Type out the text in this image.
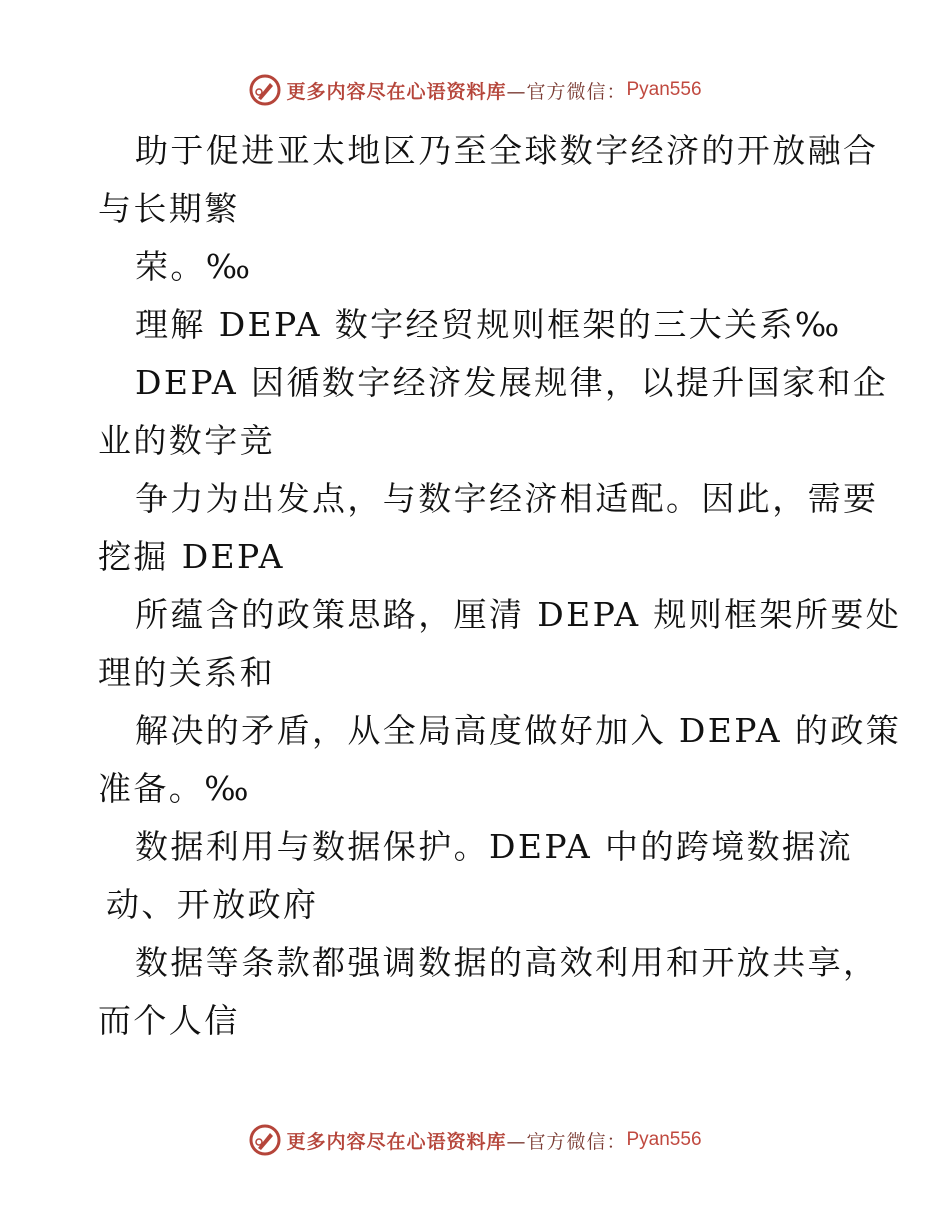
更多内容尽在心语资料库 —官方微信： Pyan556
助于促进亚太地区乃至全球数字经济的开放融合
与长期繁
荣。‰
理解 DEPA 数字经贸规则框架的三大关系‰
DEPA 因循数字经济发展规律，以提升国家和企
业的数字竞
争力为出发点，与数字经济相适配。因此，需要
挖掘 DEPA
所蕴含的政策思路，厘清 DEPA 规则框架所要处
理的关系和
解决的矛盾，从全局高度做好加入 DEPA 的政策
准备。‰
数据利用与数据保护。DEPA 中的跨境数据流
动、开放政府
数据等条款都强调数据的高效利用和开放共享，
而个人信
更多内容尽在心语资料库 —官方微信： Pyan556
